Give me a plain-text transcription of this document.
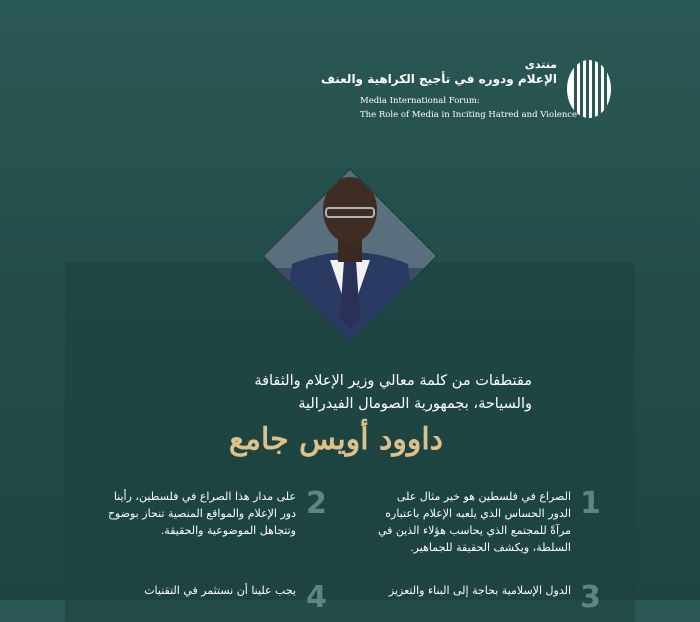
منتدى
الإعلام ودوره في تأجيج الكراهية والعنف
Media International Forum:
The Role of Media in Inciting Hatred and Violence
مقتطفات من كلمة معالي وزير الإعلام والثقافة
والسياحة، بجمهورية الصومال الفيدرالية
داوود أويس جامع
1
الصراع في فلسطين هو خير مثال على الدور الحساس الذي يلعبه الإعلام باعتباره مرآةً للمجتمع الذي يحاسب هؤلاء الذين في السلطة، ويكشف الحقيقة للجماهير.
2
على مدار هذا الصراع في فلسطين، رأينا دور الإعلام والمواقع المنصية تنحاز بوضوح وتتجاهل الموضوعية والحقيقة.
3
الدول الإسلامية بحاجة إلى البناء والتعزيز
4
يجب علينا أن نستثمر في التقنيات
